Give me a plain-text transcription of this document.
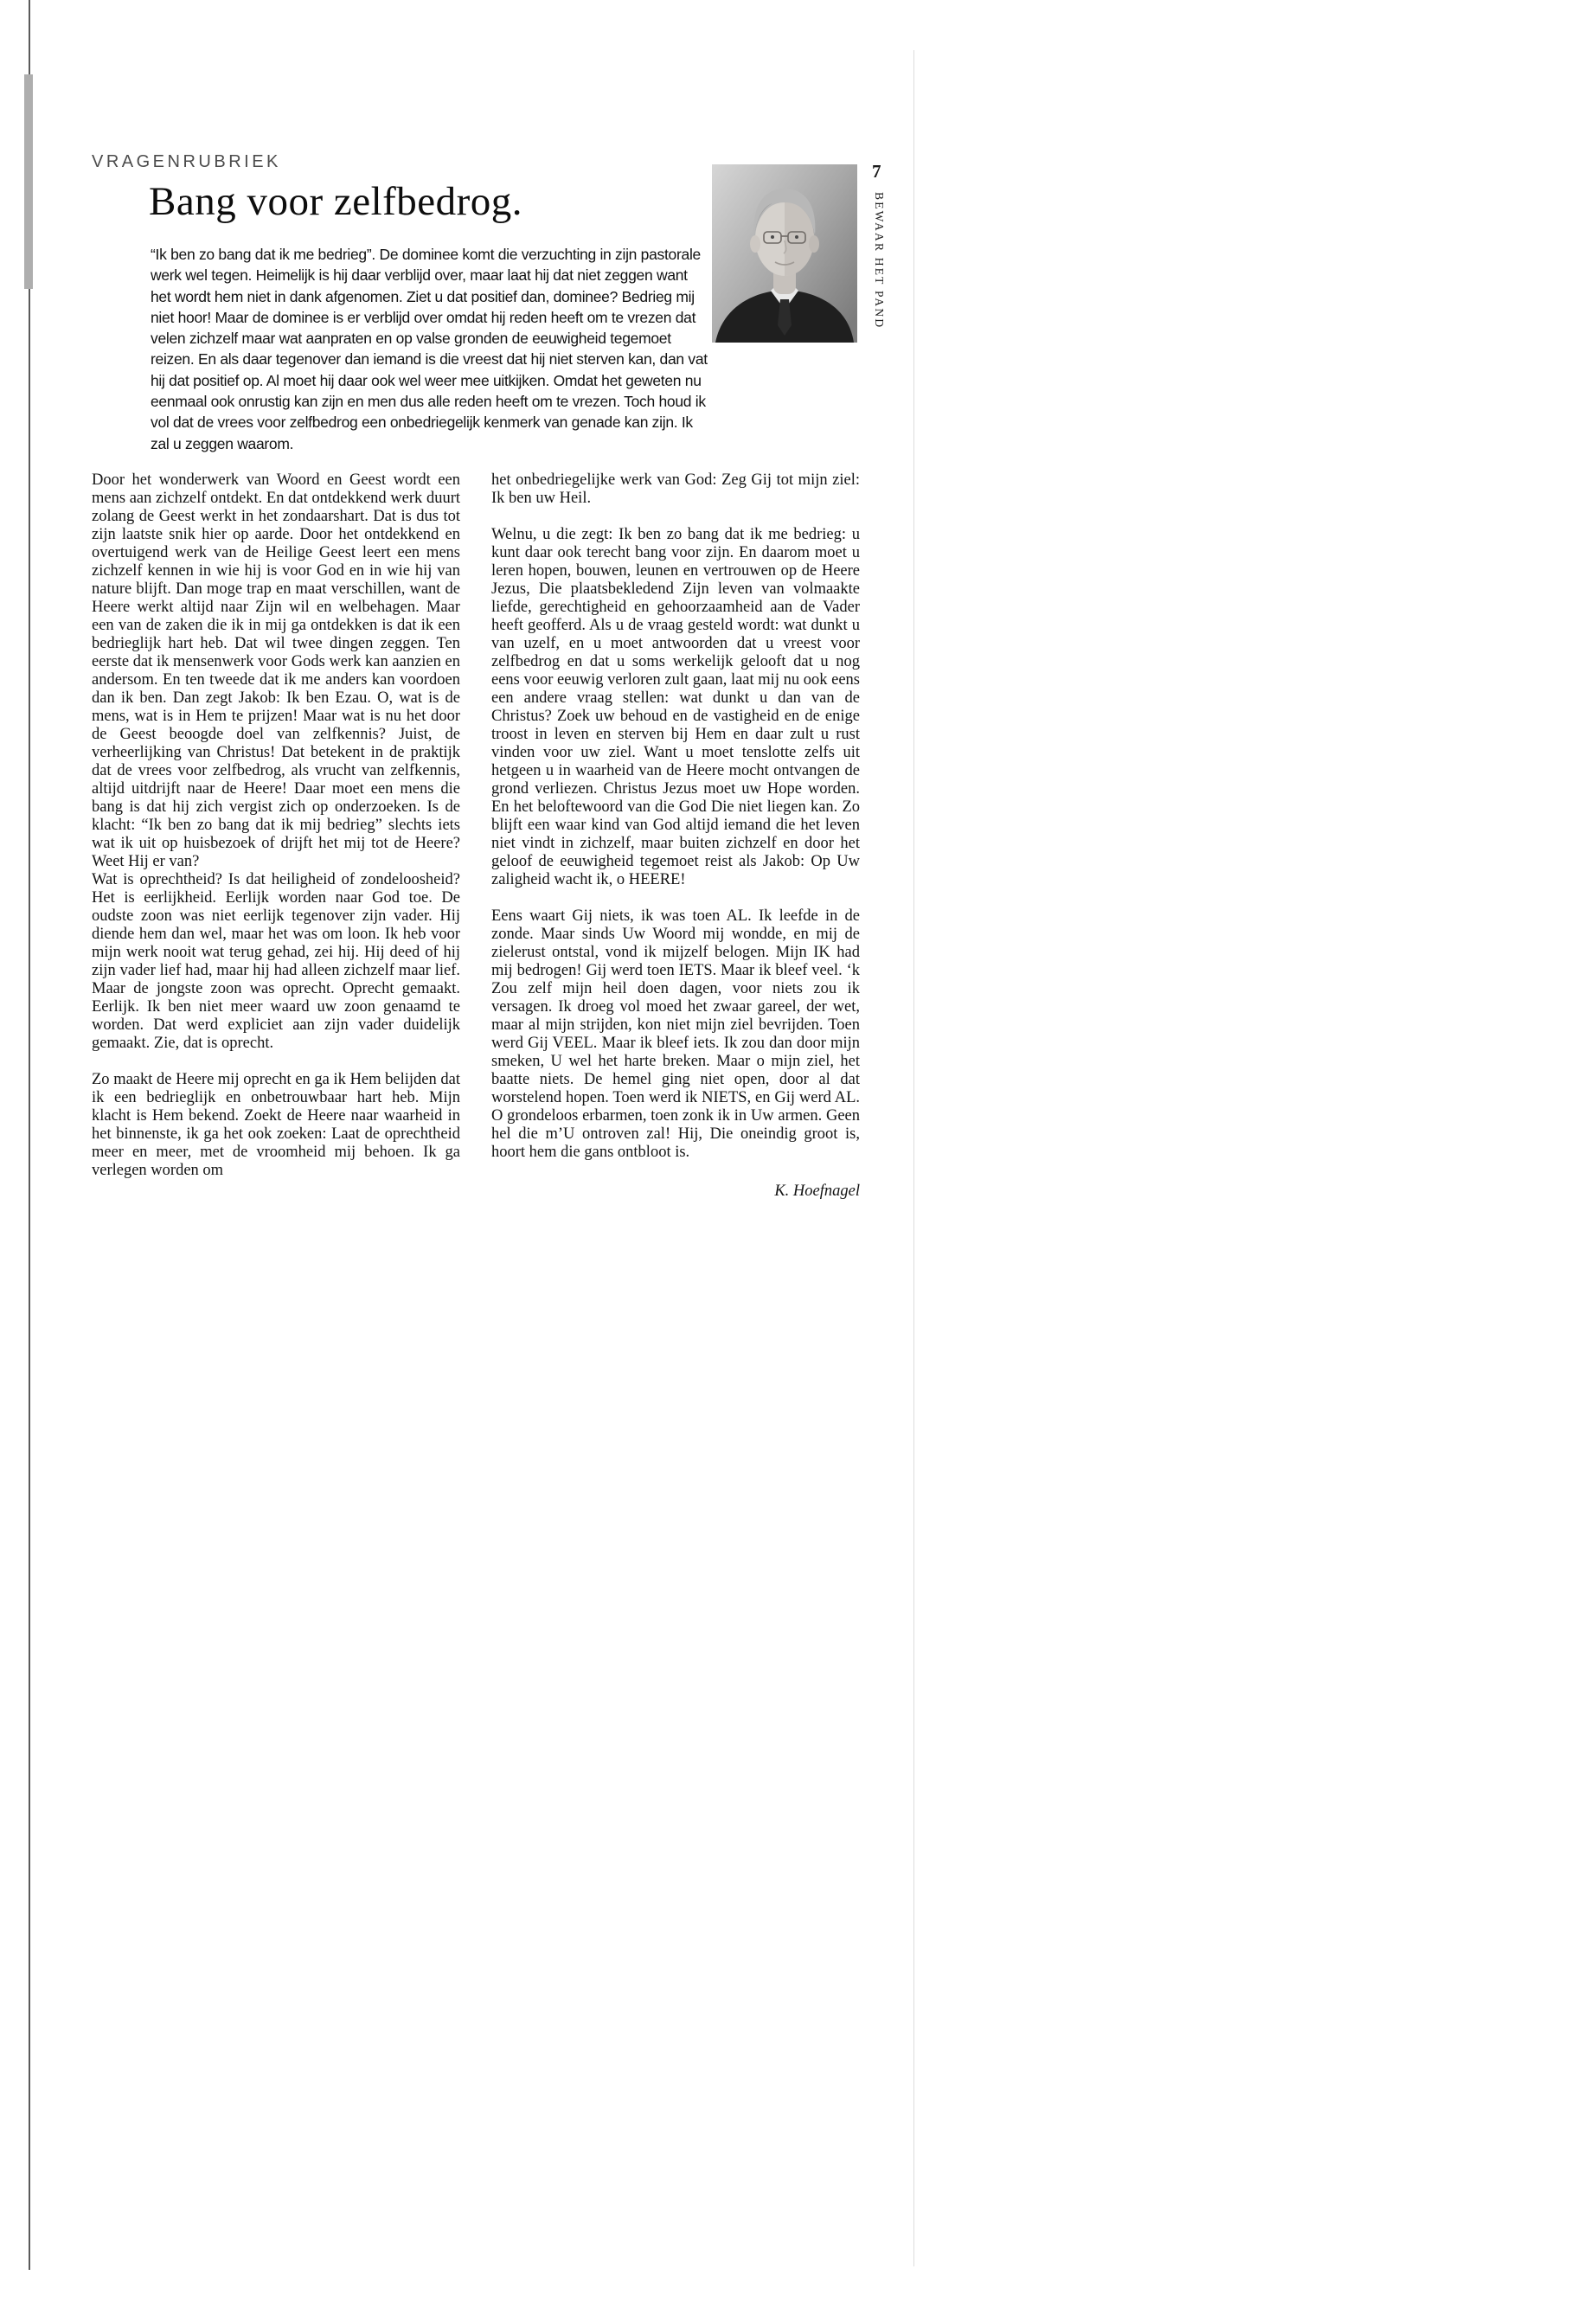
VRAGENRUBRIEK
Bang voor zelfbedrog.
“Ik ben zo bang dat ik me bedrieg”. De dominee komt die verzuchting in zijn pastorale werk wel tegen. Heimelijk is hij daar verblijd over, maar laat hij dat niet zeggen want het wordt hem niet in dank afgenomen. Ziet u dat positief dan, dominee? Bedrieg mij niet hoor! Maar de dominee is er verblijd over omdat hij reden heeft om te vrezen dat velen zichzelf maar wat aanpraten en op valse gronden de eeuwigheid tegemoet reizen. En als daar tegenover dan iemand is die vreest dat hij niet sterven kan, dan vat hij dat positief op. Al moet hij daar ook wel weer mee uitkijken. Omdat het geweten nu eenmaal ook onrustig kan zijn en men dus alle reden heeft om te vrezen. Toch houd ik vol dat de vrees voor zelfbedrog een onbedriegelijk kenmerk van genade kan zijn. Ik zal u zeggen waarom.
7
BEWAAR HET PAND

Door het wonderwerk van Woord en Geest wordt een mens aan zichzelf ontdekt. En dat ontdekkend werk duurt zolang de Geest werkt in het zondaarshart. Dat is dus tot zijn laatste snik hier op aarde. Door het ontdekkend en overtuigend werk van de Heilige Geest leert een mens zichzelf kennen in wie hij is voor God en in wie hij van nature blijft. Dan moge trap en maat verschillen, want de Heere werkt altijd naar Zijn wil en welbehagen. Maar een van de zaken die ik in mij ga ontdekken is dat ik een bedrieglijk hart heb. Dat wil twee dingen zeggen. Ten eerste dat ik mensenwerk voor Gods werk kan aanzien en andersom. En ten tweede dat ik me anders kan voordoen dan ik ben. Dan zegt Jakob: Ik ben Ezau. O, wat is de mens, wat is in Hem te prijzen! Maar wat is nu het door de Geest beoogde doel van zelfkennis? Juist, de verheerlijking van Christus! Dat betekent in de praktijk dat de vrees voor zelfbedrog, als vrucht van zelfkennis, altijd uitdrijft naar de Heere! Daar moet een mens die bang is dat hij zich vergist zich op onderzoeken. Is de klacht: “Ik ben zo bang dat ik mij bedrieg” slechts iets wat ik uit op huisbezoek of drijft het mij tot de Heere? Weet Hij er van?

Wat is oprechtheid? Is dat heiligheid of zondeloosheid? Het is eerlijkheid. Eerlijk worden naar God toe. De oudste zoon was niet eerlijk tegenover zijn vader. Hij diende hem dan wel, maar het was om loon. Ik heb voor mijn werk nooit wat terug gehad, zei hij. Hij deed of hij zijn vader lief had, maar hij had alleen zichzelf maar lief. Maar de jongste zoon was oprecht. Oprecht gemaakt. Eerlijk. Ik ben niet meer waard uw zoon genaamd te worden. Dat werd expliciet aan zijn vader duidelijk gemaakt. Zie, dat is oprecht.

Zo maakt de Heere mij oprecht en ga ik Hem belijden dat ik een bedrieglijk en onbetrouwbaar hart heb. Mijn klacht is Hem bekend. Zoekt de Heere naar waarheid in het binnenste, ik ga het ook zoeken: Laat de oprechtheid meer en meer, met de vroomheid mij behoen. Ik ga verlegen worden om

het onbedriegelijke werk van God: Zeg Gij tot mijn ziel: Ik ben uw Heil.

Welnu, u die zegt: Ik ben zo bang dat ik me bedrieg: u kunt daar ook terecht bang voor zijn. En daarom moet u leren hopen, bouwen, leunen en vertrouwen op de Heere Jezus, Die plaatsbekledend Zijn leven van volmaakte liefde, gerechtigheid en gehoorzaamheid aan de Vader heeft geofferd. Als u de vraag gesteld wordt: wat dunkt u van uzelf, en u moet antwoorden dat u vreest voor zelfbedrog en dat u soms werkelijk gelooft dat u nog eens voor eeuwig verloren zult gaan, laat mij nu ook eens een andere vraag stellen: wat dunkt u dan van de Christus? Zoek uw behoud en de vastigheid en de enige troost in leven en sterven bij Hem en daar zult u rust vinden voor uw ziel. Want u moet tenslotte zelfs uit hetgeen u in waarheid van de Heere mocht ontvangen de grond verliezen. Christus Jezus moet uw Hope worden. En het beloftewoord van die God Die niet liegen kan. Zo blijft een waar kind van God altijd iemand die het leven niet vindt in zichzelf, maar buiten zichzelf en door het geloof de eeuwigheid tegemoet reist als Jakob: Op Uw zaligheid wacht ik, o HEERE!

Eens waart Gij niets, ik was toen AL. Ik leefde in de zonde. Maar sinds Uw Woord mij wondde, en mij de zielerust ontstal, vond ik mijzelf belogen. Mijn IK had mij bedrogen! Gij werd toen IETS. Maar ik bleef veel. ‘k Zou zelf mijn heil doen dagen, voor niets zou ik versagen. Ik droeg vol moed het zwaar gareel, der wet, maar al mijn strijden, kon niet mijn ziel bevrijden. Toen werd Gij VEEL. Maar ik bleef iets. Ik zou dan door mijn smeken, U wel het harte breken. Maar o mijn ziel, het baatte niets. De hemel ging niet open, door al dat worstelend hopen. Toen werd ik NIETS, en Gij werd AL. O grondeloos erbarmen, toen zonk ik in Uw armen. Geen hel die m’U ontroven zal! Hij, Die oneindig groot is, hoort hem die gans ontbloot is.

K. Hoefnagel
